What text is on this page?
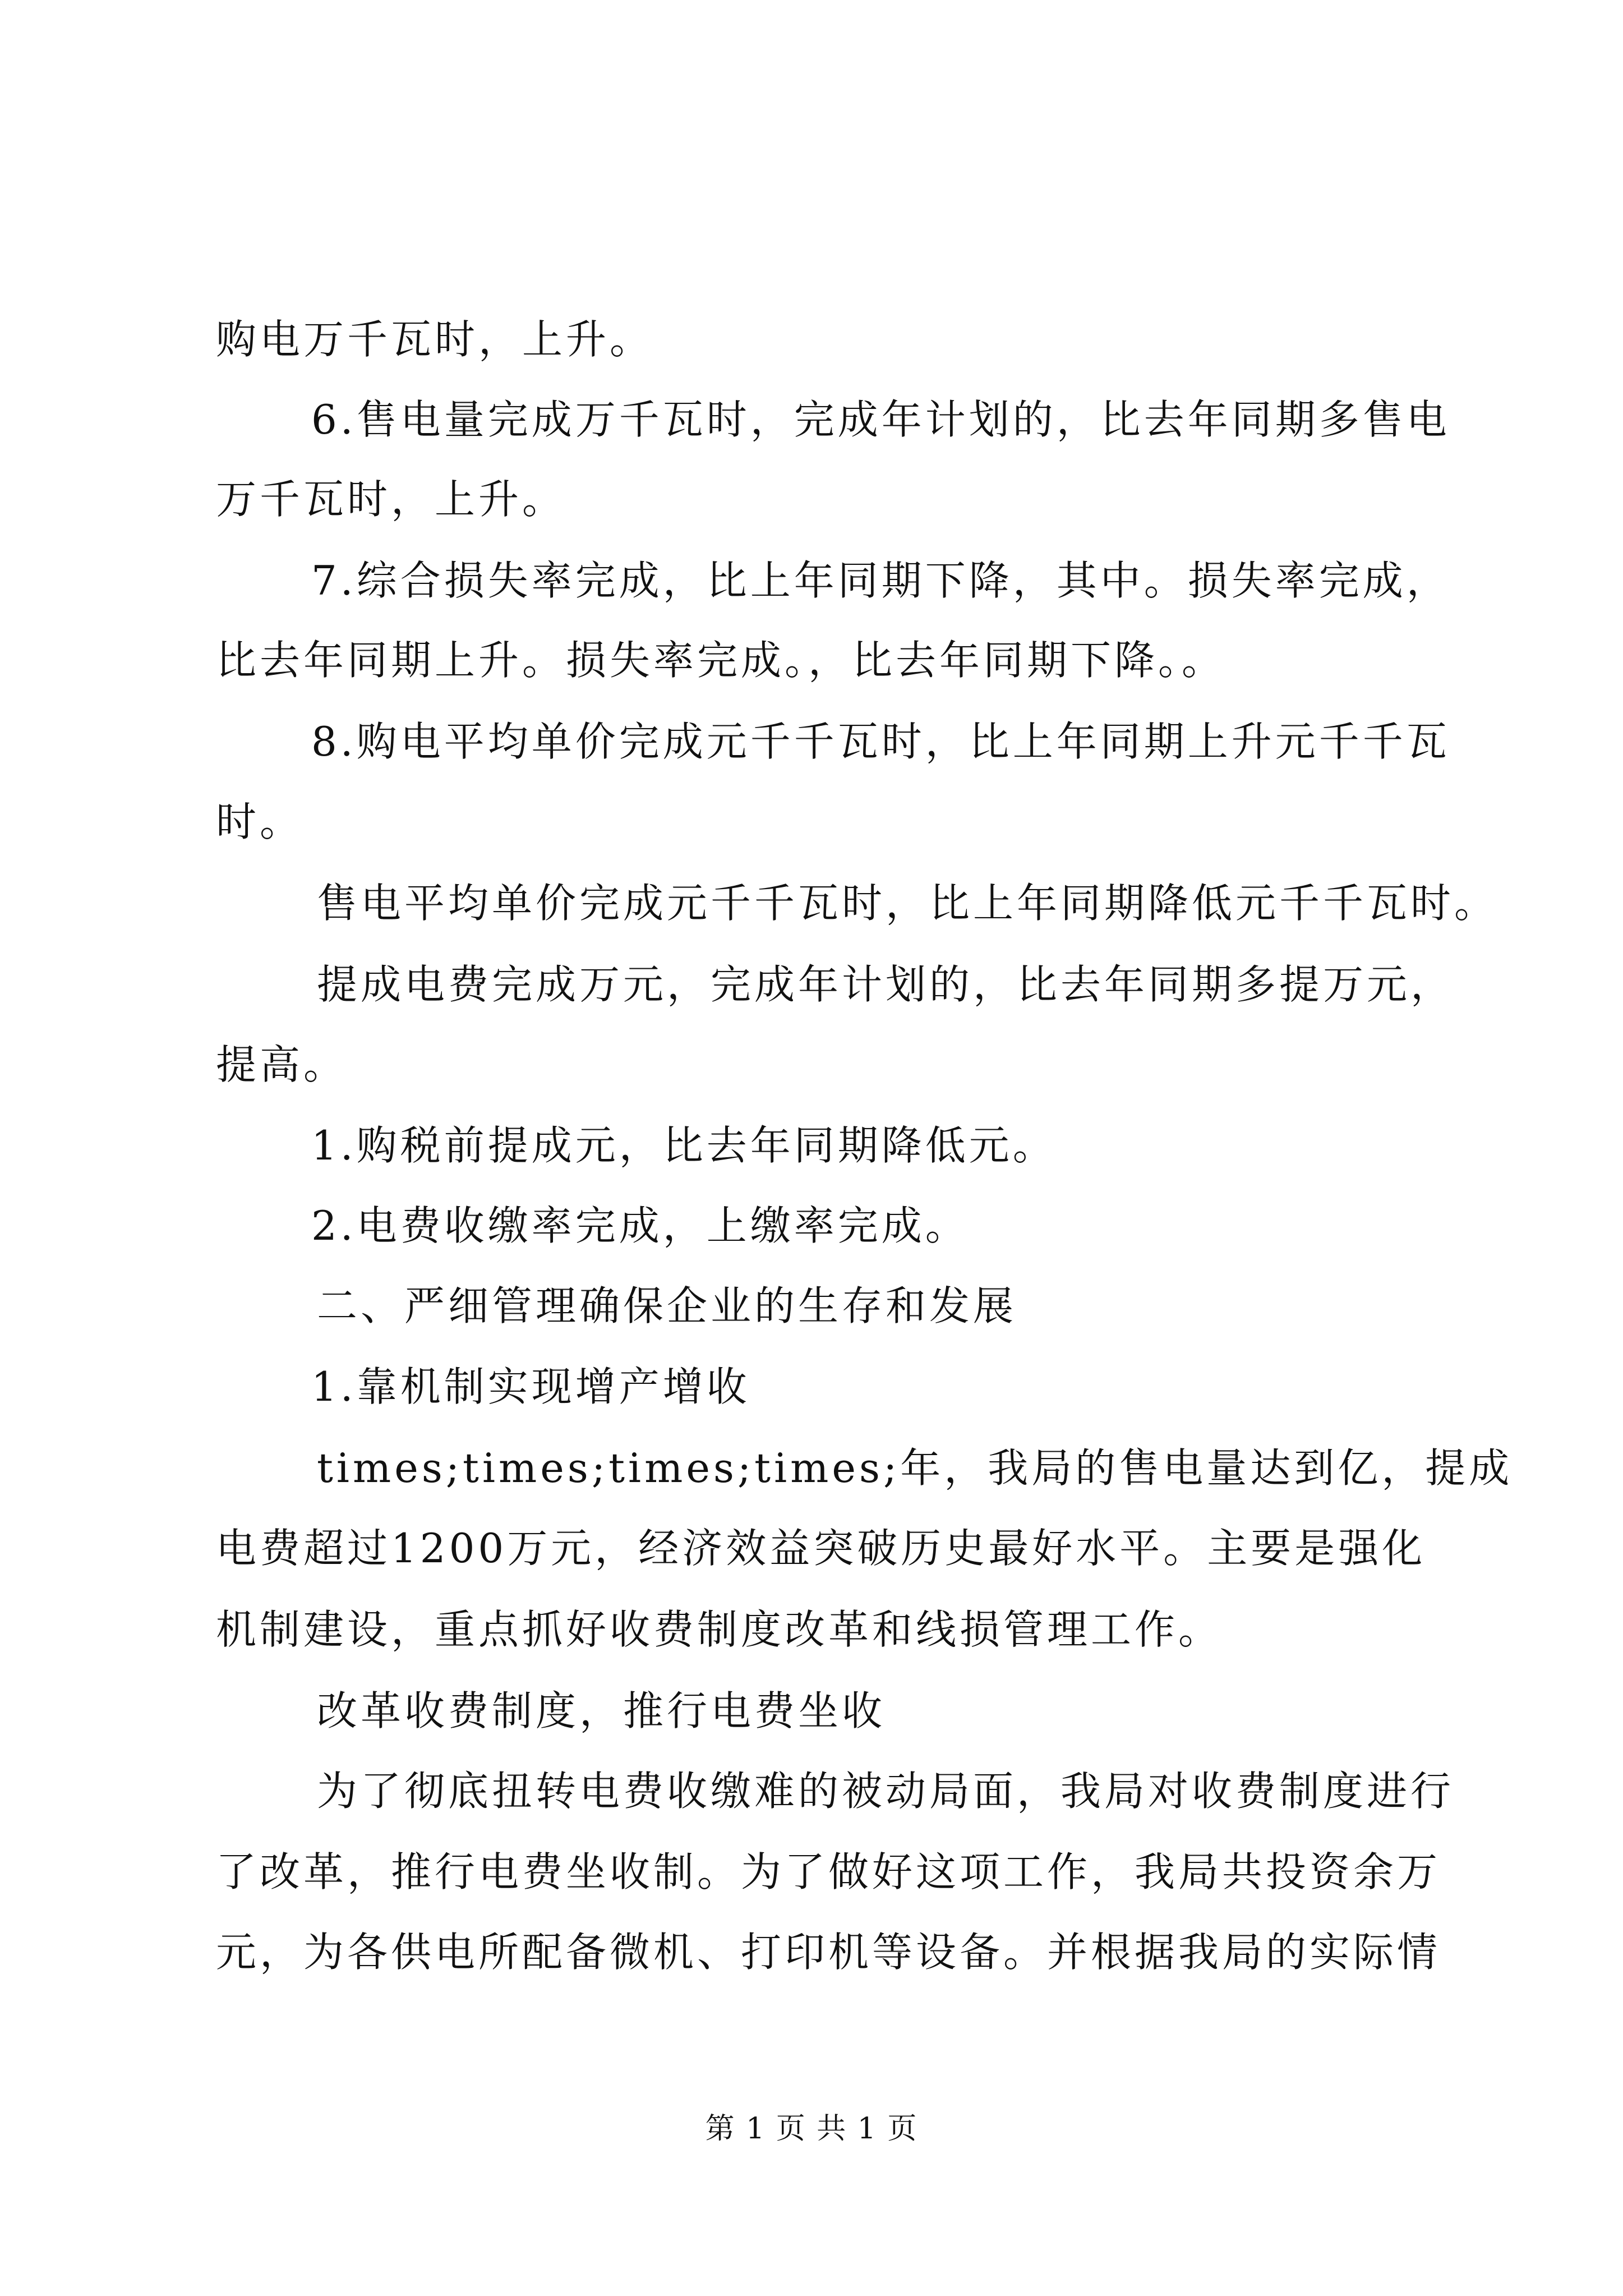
购电万千瓦时，上升。
6.售电量完成万千瓦时，完成年计划的，比去年同期多售电
万千瓦时，上升。
7.综合损失率完成，比上年同期下降，其中。损失率完成，
比去年同期上升。损失率完成。，比去年同期下降。。
8.购电平均单价完成元千千瓦时，比上年同期上升元千千瓦
时。
售电平均单价完成元千千瓦时，比上年同期降低元千千瓦时。
提成电费完成万元，完成年计划的，比去年同期多提万元，
提高。
1.购税前提成元，比去年同期降低元。
2.电费收缴率完成，上缴率完成。
二、严细管理确保企业的生存和发展
1.靠机制实现增产增收
times;times;times;times;年，我局的售电量达到亿，提成
电费超过1200万元，经济效益突破历史最好水平。主要是强化
机制建设，重点抓好收费制度改革和线损管理工作。
改革收费制度，推行电费坐收
为了彻底扭转电费收缴难的被动局面，我局对收费制度进行
了改革，推行电费坐收制。为了做好这项工作，我局共投资余万
元，为各供电所配备微机、打印机等设备。并根据我局的实际情
第 1 页 共 1 页
